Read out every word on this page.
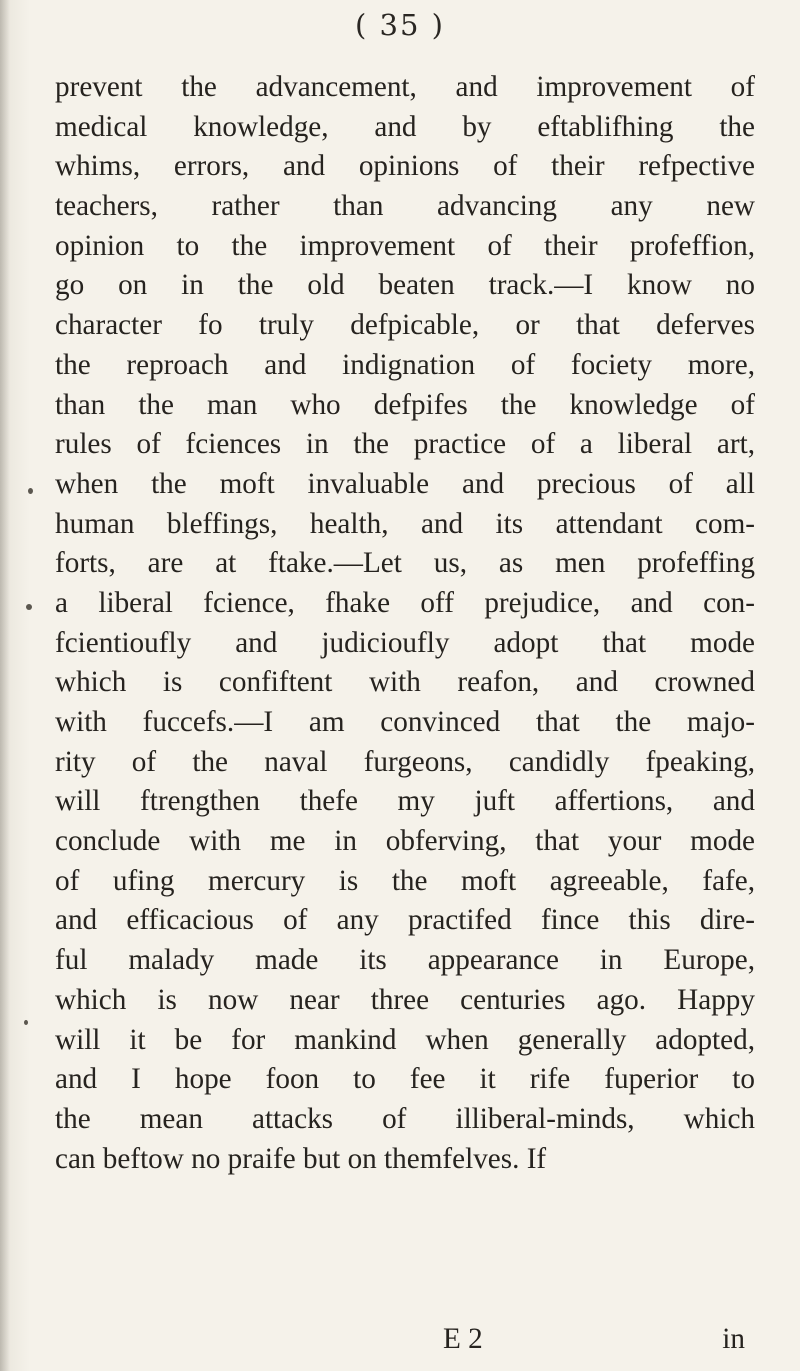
( 35 )
prevent the advancement, and improvement of
medical knowledge, and by eftablifhing the
whims, errors, and opinions of their refpective
teachers, rather than advancing any new
opinion to the improvement of their profeffion,
go on in the old beaten track.—I know no
character fo truly defpicable, or that deferves
the reproach and indignation of fociety more,
than the man who defpifes the knowledge of
rules of fciences in the practice of a liberal art,
when the moft invaluable and precious of all
human bleffings, health, and its attendant com-
forts, are at ftake.—Let us, as men profeffing
a liberal fcience, fhake off prejudice, and con-
fcientioufly and judicioufly adopt that mode
which is confiftent with reafon, and crowned
with fuccefs.—I am convinced that the majo-
rity of the naval furgeons, candidly fpeaking,
will ftrengthen thefe my juft affertions, and
conclude with me in obferving, that your mode
of ufing mercury is the moft agreeable, fafe,
and efficacious of any practifed fince this dire-
ful malady made its appearance in Europe,
which is now near three centuries ago. Happy
will it be for mankind when generally adopted,
and I hope foon to fee it rife fuperior to
the mean attacks of illiberal-minds, which
can beftow no praife but on themfelves. If
E 2	in
